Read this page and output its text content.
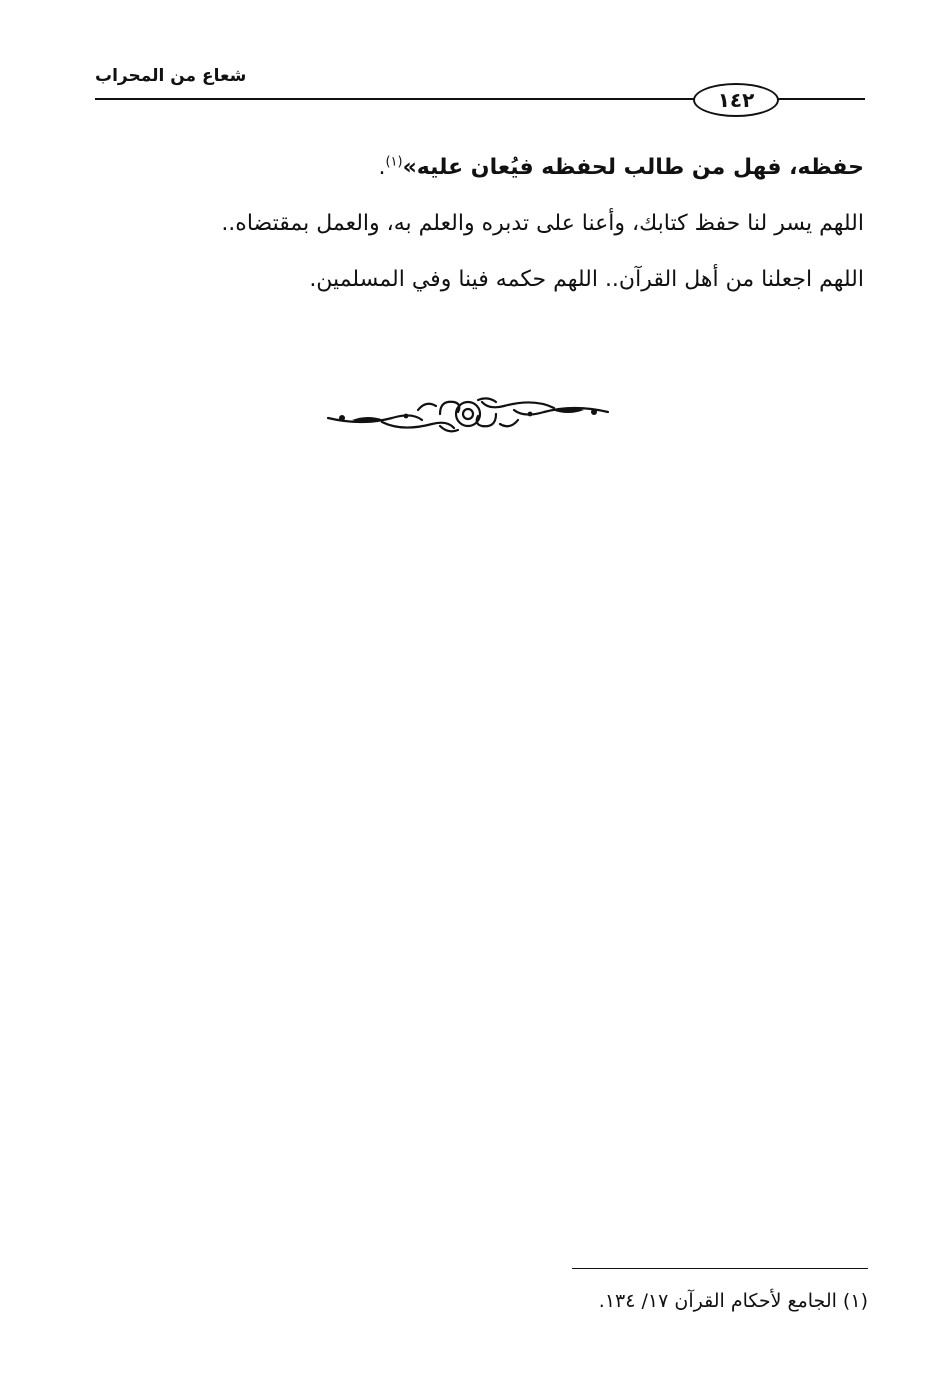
شعاع من المحراب
١٤٢
حفظه، فهل من طالب لحفظه فيُعان عليه»$^{(١)}$.
اللهم يسر لنا حفظ كتابك، وأعنا على تدبره والعلم به، والعمل بمقتضاه..
اللهم اجعلنا من أهل القرآن.. اللهم حكمه فينا وفي المسلمين.
(١) الجامع لأحكام القرآن ١٧/ ١٣٤.
